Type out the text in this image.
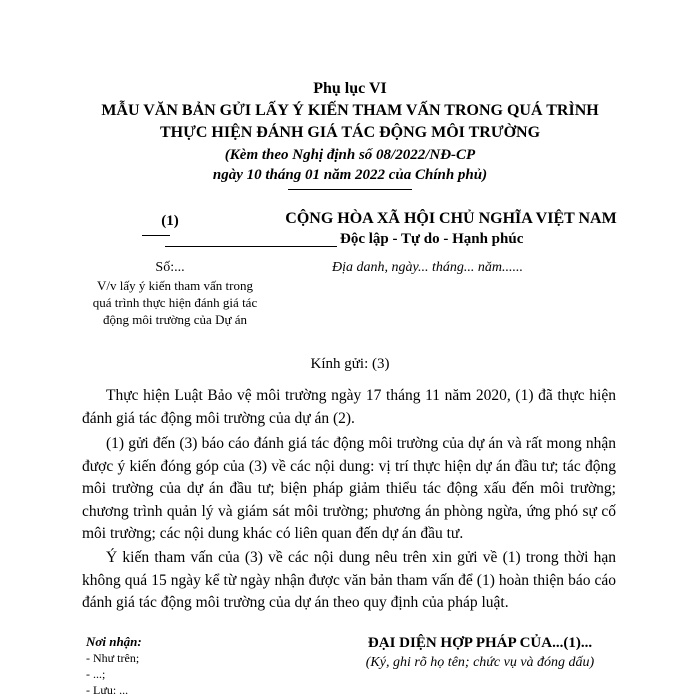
Phụ lục VI
MẪU VĂN BẢN GỬI LẤY Ý KIẾN THAM VẤN TRONG QUÁ TRÌNH
THỰC HIỆN ĐÁNH GIÁ TÁC ĐỘNG MÔI TRƯỜNG
(Kèm theo Nghị định số 08/2022/NĐ-CP
ngày 10 tháng 01 năm 2022 của Chính phủ)
(1)	CỘNG HÒA XÃ HỘI CHỦ NGHĨA VIỆT NAM
Độc lập - Tự do - Hạnh phúc
Số:...	Địa danh, ngày... tháng... năm......
V/v lấy ý kiến tham vấn trong quá trình thực hiện đánh giá tác động môi trường của Dự án
Kính gửi: (3)

Thực hiện Luật Bảo vệ môi trường ngày 17 tháng 11 năm 2020, (1) đã thực hiện đánh giá tác động môi trường của dự án (2).

(1) gửi đến (3) báo cáo đánh giá tác động môi trường của dự án và rất mong nhận được ý kiến đóng góp của (3) về các nội dung: vị trí thực hiện dự án đầu tư; tác động môi trường của dự án đầu tư; biện pháp giảm thiểu tác động xấu đến môi trường; chương trình quản lý và giám sát môi trường; phương án phòng ngừa, ứng phó sự cố môi trường; các nội dung khác có liên quan đến dự án đầu tư.

Ý kiến tham vấn của (3) về các nội dung nêu trên xin gửi về (1) trong thời hạn không quá 15 ngày kể từ ngày nhận được văn bản tham vấn để (1) hoàn thiện báo cáo đánh giá tác động môi trường của dự án theo quy định của pháp luật.

Nơi nhận:
- Như trên;
- ...;
- Lưu: ...
ĐẠI DIỆN HỢP PHÁP CỦA...(1)...
(Ký, ghi rõ họ tên; chức vụ và đóng dấu)
